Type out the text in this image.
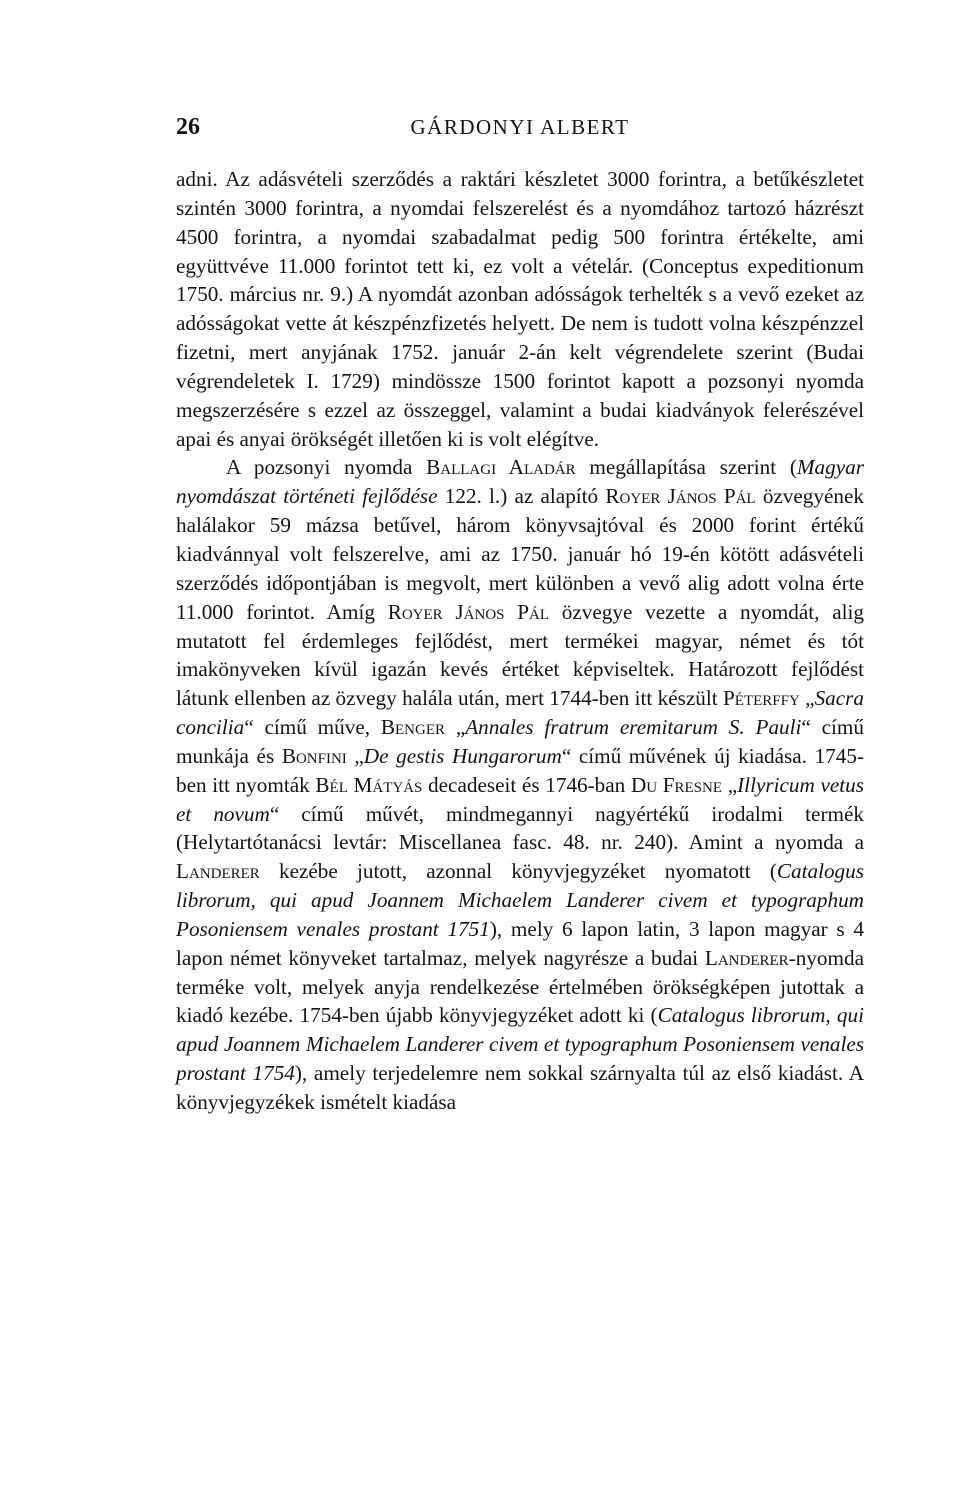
26	GÁRDONYI ALBERT

adni. Az adásvételi szerződés a raktári készletet 3000 forintra, a betűkészletet szintén 3000 forintra, a nyomdai felszerelést és a nyomdához tartozó házrészt 4500 forintra, a nyomdai szabadalmat pedig 500 forintra értékelte, ami együttvéve 11.000 forintot tett ki, ez volt a vételár. (Conceptus expeditionum 1750. március nr. 9.) A nyomdát azonban adósságok terhelték s a vevő ezeket az adósságokat vette át készpénzfizetés helyett. De nem is tudott volna készpénzzel fizetni, mert anyjának 1752. január 2-án kelt végrendelete szerint (Budai végrendeletek I. 1729) mindössze 1500 forintot kapott a pozsonyi nyomda megszerzésére s ezzel az összeggel, valamint a budai kiadványok felerészével apai és anyai örökségét illetően ki is volt elégítve.

A pozsonyi nyomda Ballagi Aladár megállapítása szerint (Magyar nyomdászat történeti fejlődése 122. l.) az alapító Royer János Pál özvegyének halálakor 59 mázsa betűvel, három könyvsajtóval és 2000 forint értékű kiadvánnyal volt felszerelve, ami az 1750. január hó 19-én kötött adásvételi szerződés időpontjában is megvolt, mert különben a vevő alig adott volna érte 11.000 forintot. Amíg Royer János Pál özvegye vezette a nyomdát, alig mutatott fel érdemleges fejlődést, mert termékei magyar, német és tót imakönyveken kívül igazán kevés értéket képviseltek. Határozott fejlődést látunk ellenben az özvegy halála után, mert 1744-ben itt készült Péterffy „Sacra concilia“ című műve, Benger „Annales fratrum eremitarum S. Pauli“ című munkája és Bonfini „De gestis Hungarorum“ című művének új kiadása. 1745-ben itt nyomták Bél Mátyás decadeseit és 1746-ban Du Fresne „Illyricum vetus et novum“ című művét, mindmegannyi nagyértékű irodalmi termék (Helytartótanácsi levtár: Miscellanea fasc. 48. nr. 240). Amint a nyomda a Landerer kezébe jutott, azonnal könyvjegyzéket nyomatott (Catalogus librorum, qui apud Joannem Michaelem Landerer civem et typographum Posoniensem venales prostant 1751), mely 6 lapon latin, 3 lapon magyar s 4 lapon német könyveket tartalmaz, melyek nagyrésze a budai Landerer-nyomda terméke volt, melyek anyja rendelkezése értelmében örökségképen jutottak a kiadó kezébe. 1754-ben újabb könyvjegyzéket adott ki (Catalogus librorum, qui apud Joannem Michaelem Landerer civem et typographum Posoniensem venales prostant 1754), amely terjedelemre nem sokkal szárnyalta túl az első kiadást. A könyvjegyzékek ismételt kiadása
